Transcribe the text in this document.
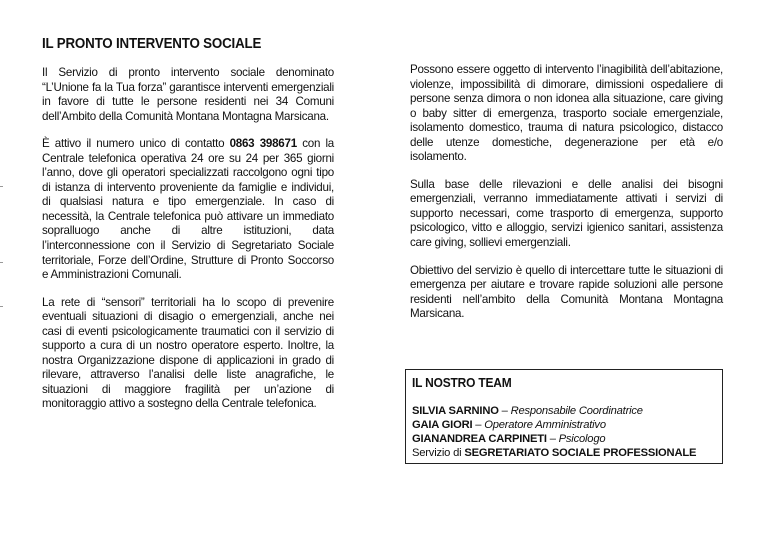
IL PRONTO INTERVENTO SOCIALE

Il Servizio di pronto intervento sociale denominato “L’Unione fa la Tua forza” garantisce interventi emergenziali in favore di tutte le persone residenti nei 34 Comuni dell’Ambito della Comunità Montana Montagna Marsicana.

È attivo il numero unico di contatto 0863 398671 con la Centrale telefonica operativa 24 ore su 24 per 365 giorni l’anno, dove gli operatori specializzati raccolgono ogni tipo di istanza di intervento proveniente da famiglie e individui, di qualsiasi natura e tipo emergenziale. In caso di necessità, la Centrale telefonica può attivare un immediato sopralluogo anche di altre istituzioni, data l’interconnessione con il Servizio di Segretariato Sociale territoriale, Forze dell’Ordine, Strutture di Pronto Soccorso e Amministrazioni Comunali.

La rete di “sensori” territoriali ha lo scopo di prevenire eventuali situazioni di disagio o emergenziali, anche nei casi di eventi psicologicamente traumatici con il servizio di supporto a cura di un nostro operatore esperto. Inoltre, la nostra Organizzazione dispone di applicazioni in grado di rilevare, attraverso l’analisi delle liste anagrafiche, le situazioni di maggiore fragilità per un’azione di monitoraggio attivo a sostegno della Centrale telefonica.

Possono essere oggetto di intervento l’inagibilità dell’abitazione, violenze, impossibilità di dimorare, dimissioni ospedaliere di persone senza dimora o non idonea alla situazione, care giving o baby sitter di emergenza, trasporto sociale emergenziale, isolamento domestico, trauma di natura psicologico, distacco delle utenze domestiche, degenerazione per età e/o isolamento.

Sulla base delle rilevazioni e delle analisi dei bisogni emergenziali, verranno immediatamente attivati i servizi di supporto necessari, come trasporto di emergenza, supporto psicologico, vitto e alloggio, servizi igienico sanitari, assistenza care giving, sollievi emergenziali.

Obiettivo del servizio è quello di intercettare tutte le situazioni di emergenza per aiutare e trovare rapide soluzioni alle persone residenti nell’ambito della Comunità Montana Montagna Marsicana.

IL NOSTRO TEAM
SILVIA SARNINO – Responsabile Coordinatrice
GAIA GIORI – Operatore Amministrativo
GIANANDREA CARPINETI – Psicologo
Servizio di SEGRETARIATO SOCIALE PROFESSIONALE
